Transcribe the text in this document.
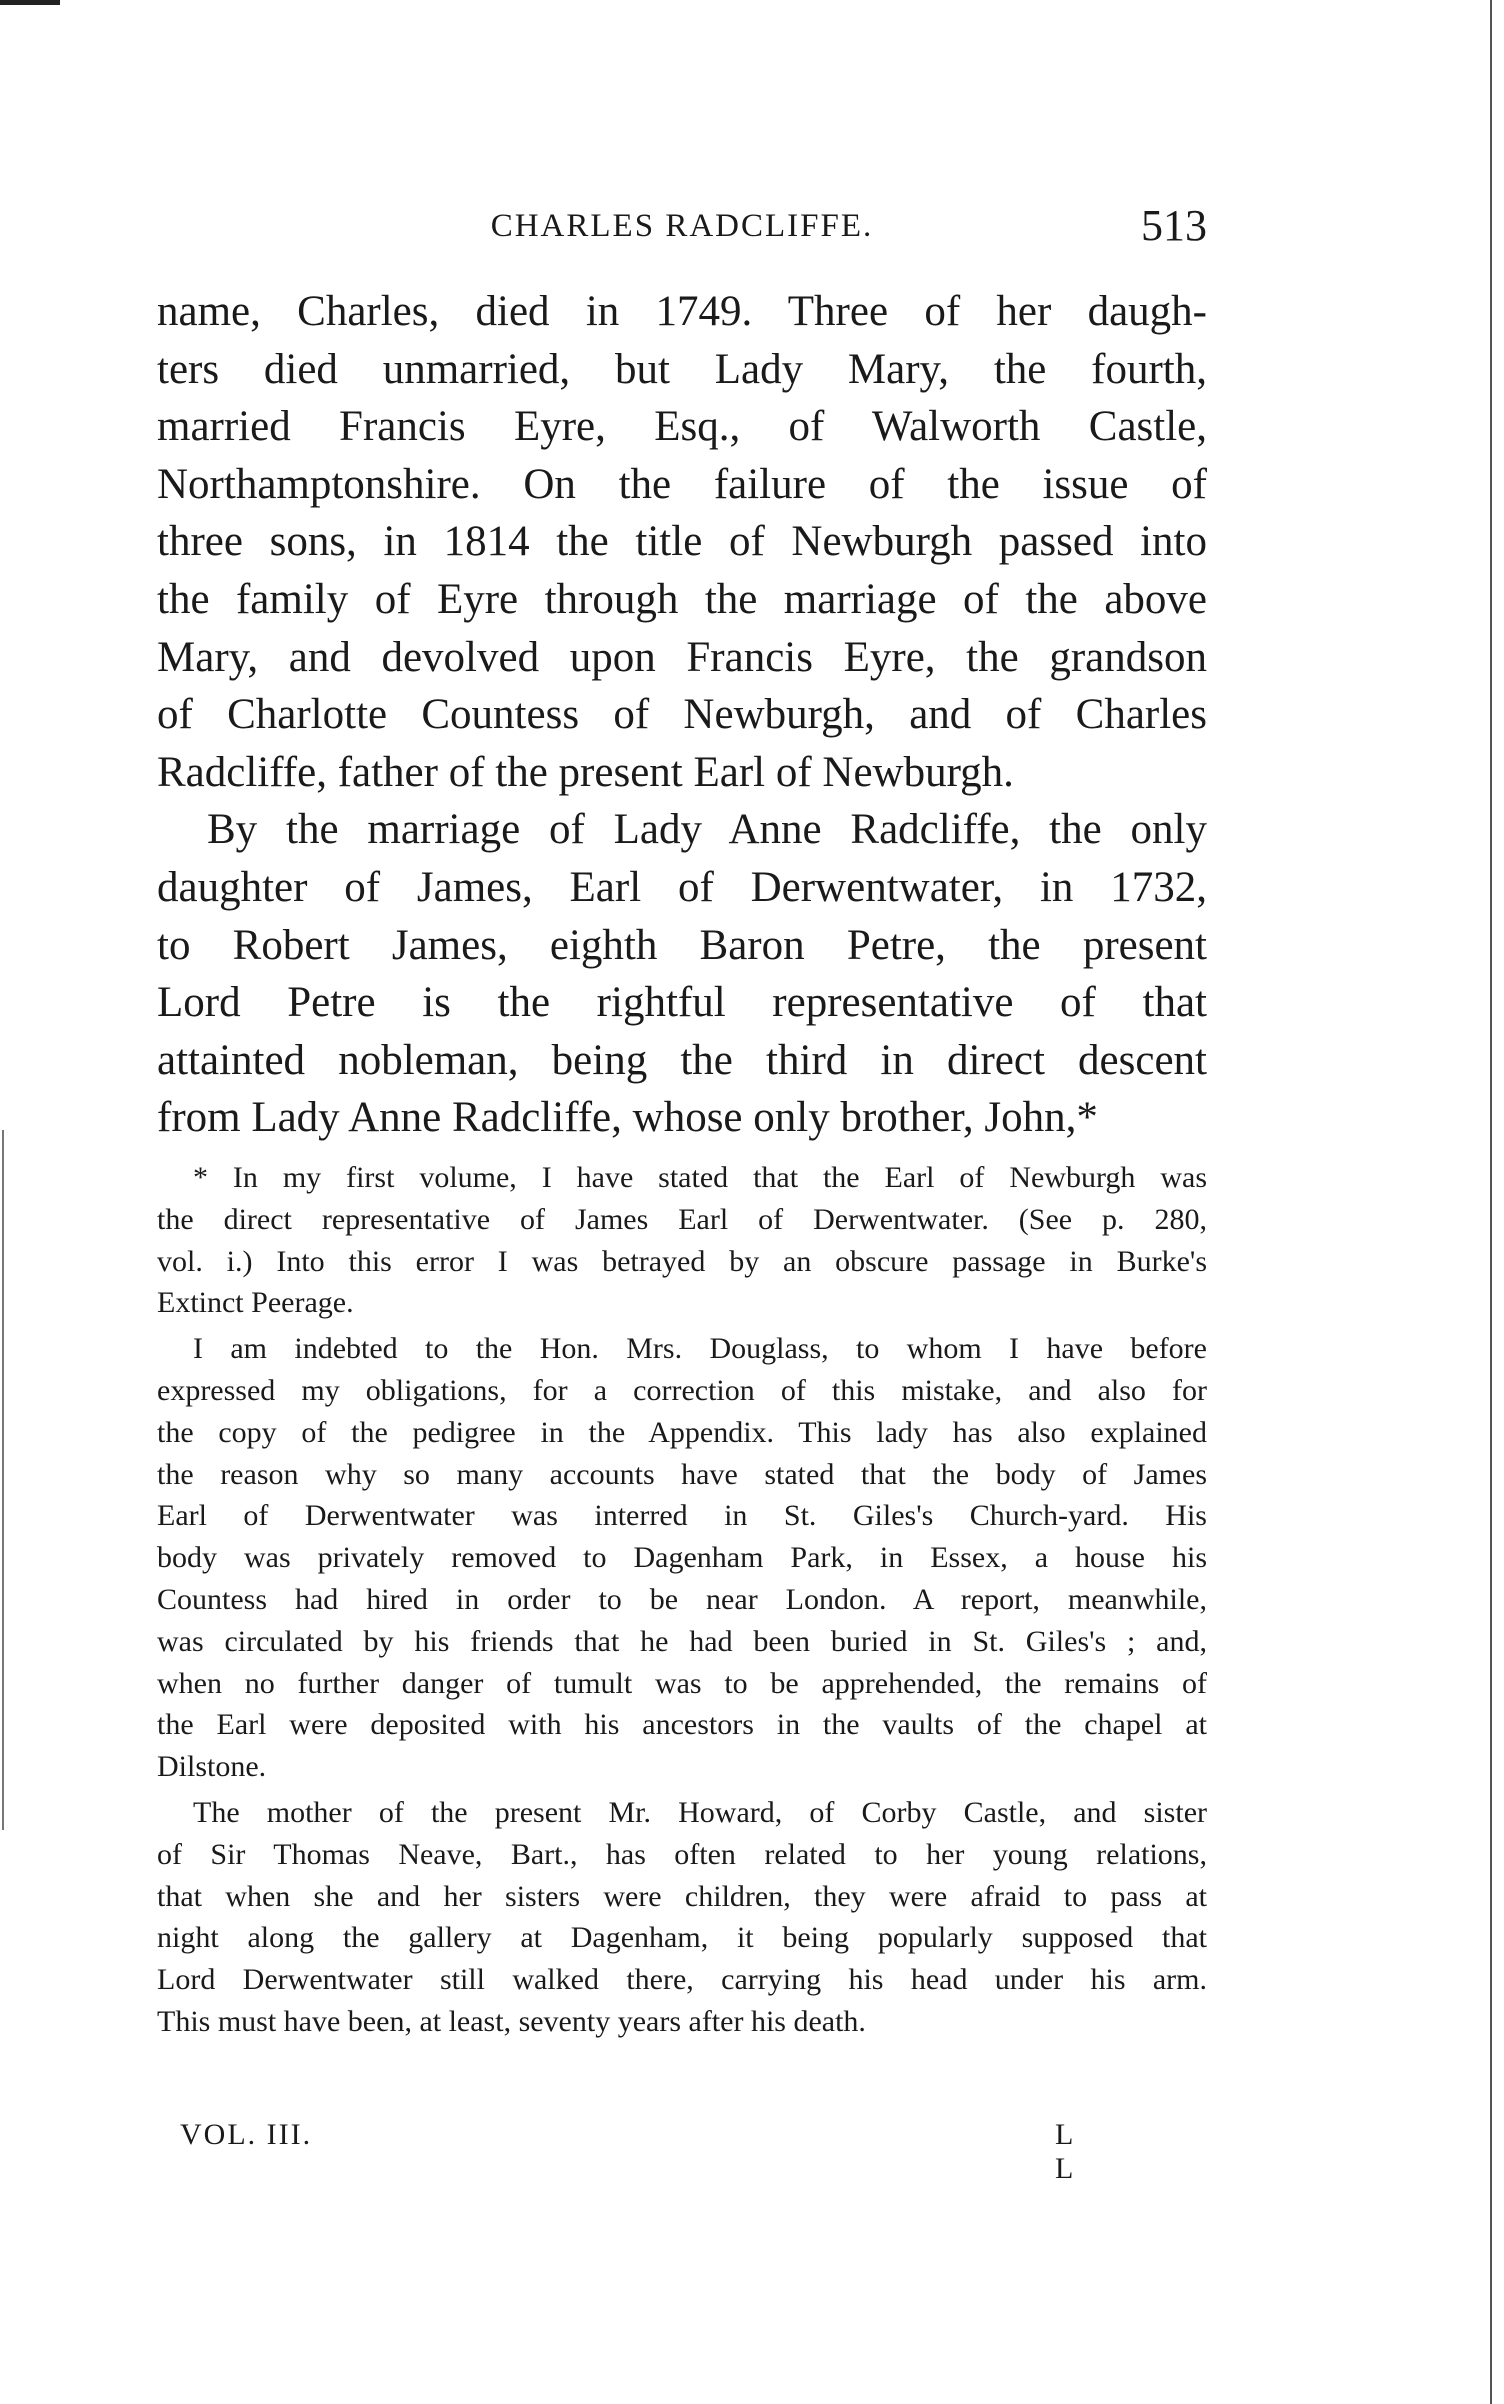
CHARLES RADCLIFFE.	513
name, Charles, died in 1749. Three of her daugh-
ters died unmarried, but Lady Mary, the fourth,
married Francis Eyre, Esq., of Walworth Castle,
Northamptonshire. On the failure of the issue of
three sons, in 1814 the title of Newburgh passed into
the family of Eyre through the marriage of the above
Mary, and devolved upon Francis Eyre, the grandson
of Charlotte Countess of Newburgh, and of Charles
Radcliffe, father of the present Earl of Newburgh.
By the marriage of Lady Anne Radcliffe, the only
daughter of James, Earl of Derwentwater, in 1732,
to Robert James, eighth Baron Petre, the present
Lord Petre is the rightful representative of that
attainted nobleman, being the third in direct descent
from Lady Anne Radcliffe, whose only brother, John,*
* In my first volume, I have stated that the Earl of Newburgh was
the direct representative of James Earl of Derwentwater. (See p. 280,
vol. i.) Into this error I was betrayed by an obscure passage in Burke's
Extinct Peerage.
I am indebted to the Hon. Mrs. Douglass, to whom I have before
expressed my obligations, for a correction of this mistake, and also for
the copy of the pedigree in the Appendix. This lady has also explained
the reason why so many accounts have stated that the body of James
Earl of Derwentwater was interred in St. Giles's Church-yard. His
body was privately removed to Dagenham Park, in Essex, a house his
Countess had hired in order to be near London. A report, meanwhile,
was circulated by his friends that he had been buried in St. Giles's ; and,
when no further danger of tumult was to be apprehended, the remains of
the Earl were deposited with his ancestors in the vaults of the chapel at
Dilstone.
The mother of the present Mr. Howard, of Corby Castle, and sister
of Sir Thomas Neave, Bart., has often related to her young relations,
that when she and her sisters were children, they were afraid to pass at
night along the gallery at Dagenham, it being popularly supposed that
Lord Derwentwater still walked there, carrying his head under his arm.
This must have been, at least, seventy years after his death.
VOL. III.	L L
